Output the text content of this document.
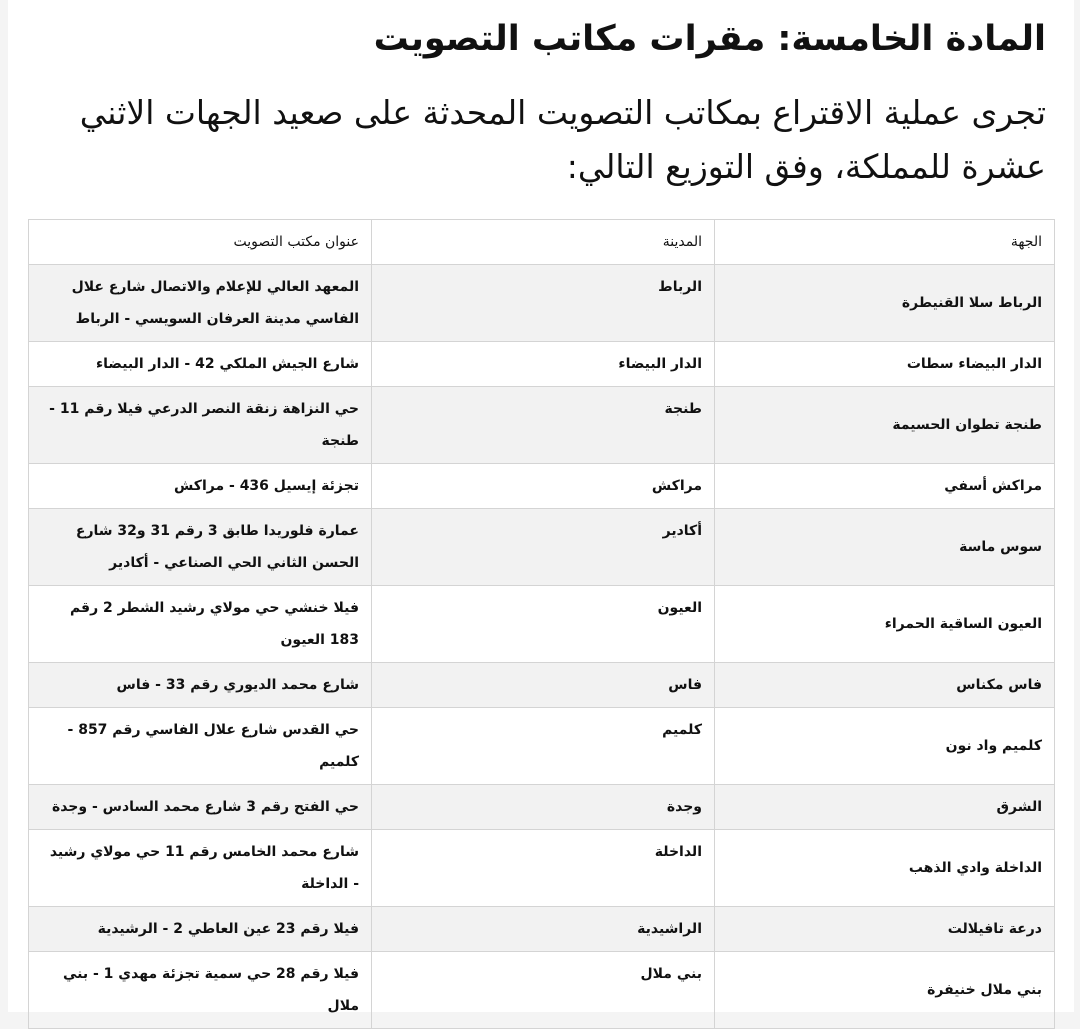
المادة الخامسة: مقرات مكاتب التصويت

تجرى عملية الاقتراع بمكاتب التصويت المحدثة على صعيد الجهات الاثني عشرة للمملكة، وفق التوزيع التالي:

الجهة	المدينة	عنوان مكتب التصويت
الرباط سلا القنيطرة	الرباط	المعهد العالي للإعلام والاتصال شارع علال الفاسي مدينة العرفان السويسي - الرباط
الدار البيضاء سطات	الدار البيضاء	شارع الجيش الملكي 42 - الدار البيضاء
طنجة تطوان الحسيمة	طنجة	حي النزاهة زنقة النصر الدرعي فيلا رقم 11 - طنجة
مراكش أسفي	مراكش	تجزئة إيسيل 436 - مراكش
سوس ماسة	أكادير	عمارة فلوريدا طابق 3 رقم 31 و32 شارع الحسن الثاني الحي الصناعي - أكادير
العيون الساقية الحمراء	العيون	فيلا خنشي حي مولاي رشيد الشطر 2 رقم 183 العيون
فاس مكناس	فاس	شارع محمد الديوري رقم 33 - فاس
كلميم واد نون	كلميم	حي القدس شارع علال الفاسي رقم 857 - كلميم
الشرق	وجدة	حي الفتح رقم 3 شارع محمد السادس - وجدة
الداخلة وادي الذهب	الداخلة	شارع محمد الخامس رقم 11 حي مولاي رشيد - الداخلة
درعة تافيلالت	الراشيدية	فيلا رقم 23 عين العاطي 2 - الرشيدية
بني ملال خنيفرة	بني ملال	فيلا رقم 28 حي سمية تجزئة مهدي 1 - بني ملال
